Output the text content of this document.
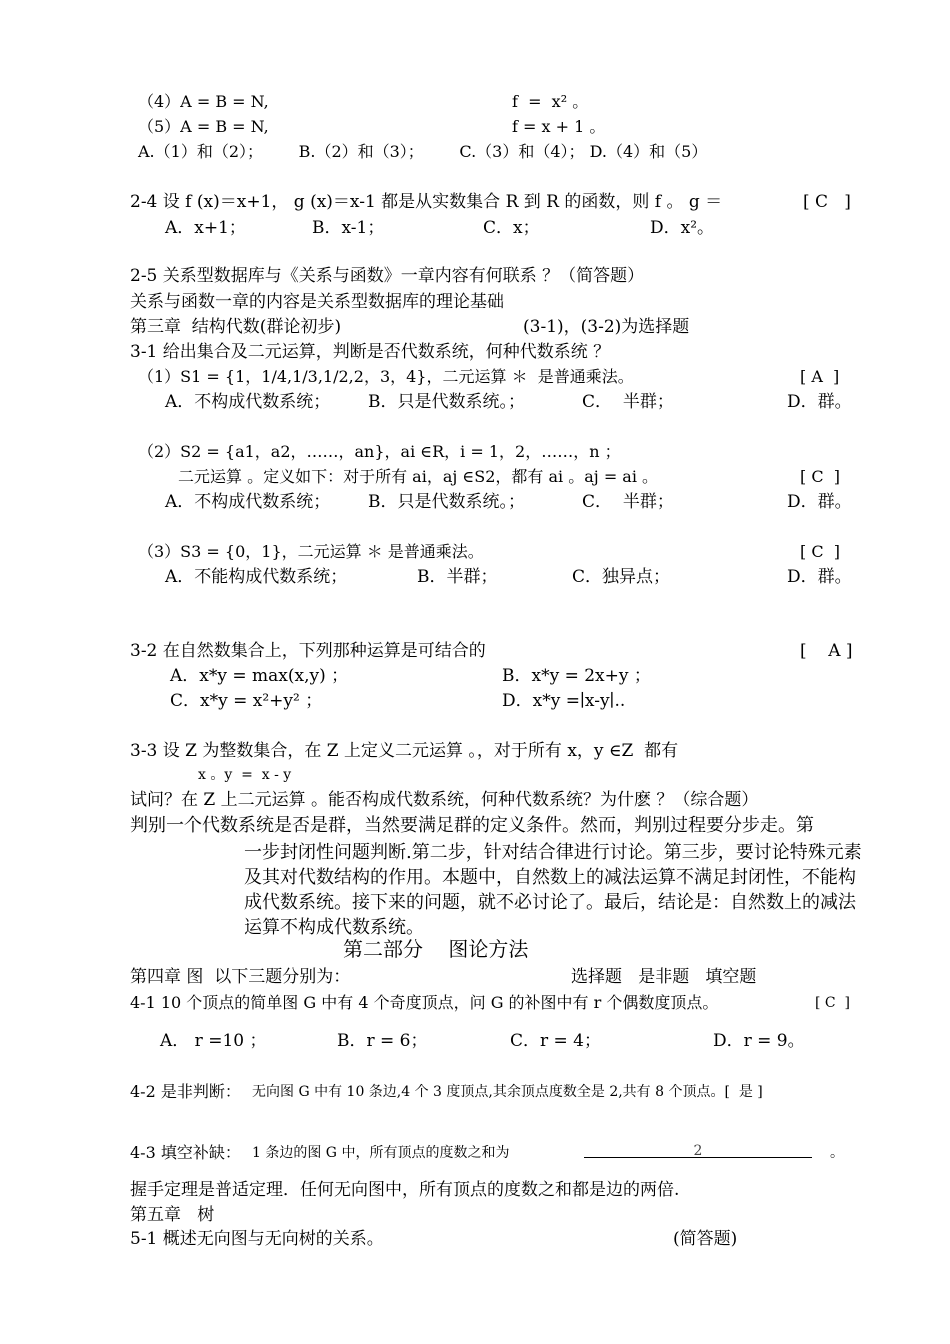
（4）A = B = N,	f  =  x² 。
（5）A = B = N,	f = x + 1 。
A.（1）和（2）；       B.（2）和（3）；       C.（3）和（4）； D.（4）和（5）
2-4 设 f (x)＝x+1， g (x)＝x-1 都是从实数集合 R 到 R 的函数，则 f 。 g ＝	[ C   ]
A．x+1；	B．x-1；	C．x；	D．x²。
2-5 关系型数据库与《关系与函数》一章内容有何联系 ？（简答题）
关系与函数一章的内容是关系型数据库的理论基础
第三章  结构代数(群论初步)	(3-1)，(3-2)为选择题
3-1 给出集合及二元运算，判断是否代数系统，何种代数系统 ？
（1）S1 = {1，1/4,1/3,1/2,2，3，4}，二元运算 ＊  是普通乘法。	[ A  ]
A．不构成代数系统； B．只是代数系统。；	C．  半群；	D．群。
（2）S2 = {a1，a2，……，an}，ai ∈R，i = 1，2，……，n ；
二元运算 。定义如下：对于所有 ai，aj ∈S2，都有 ai 。aj = ai 。	[ C  ]
A．不构成代数系统； B．只是代数系统。；	C．  半群；	D．群。
（3）S3 = {0，1}，二元运算 ＊ 是普通乘法。	[ C  ]
A．不能构成代数系统；	B．半群；	C．独异点；	D．群。
3-2 在自然数集合上，下列那种运算是可结合的	[    A ]
A．x*y = max(x,y) ；	B．x*y = 2x+y ；
C．x*y = x²+y² ；	D．x*y =∣x-y∣..
3-3 设 Z 为整数集合，在 Z 上定义二元运算 。，对于所有 x，y ∈Z  都有
x 。y  =  x - y
试问？在 Z 上二元运算 。能否构成代数系统，何种代数系统？为什麽 ？（综合题）
判别一个代数系统是否是群，当然要满足群的定义条件。然而，判别过程要分步走。第
一步封闭性问题判断.第二步，针对结合律进行讨论。第三步，要讨论特殊元素及其对代数结构的作用。本题中，自然数上的减法运算不满足封闭性，不能构成代数系统。接下来的问题，就不必讨论了。最后，结论是：自然数上的减法运算不构成代数系统。
第二部分    图论方法
第四章 图  以下三题分别为：	选择题   是非题   填空题
4-1 10 个顶点的简单图 G 中有 4 个奇度顶点，问 G 的补图中有 r 个偶数度顶点。	[ C  ]
A． r =10 ；	B．r = 6；	C．r = 4；	D．r = 9。
4-2 是非判断： 无向图 G 中有 10 条边,4 个 3 度顶点,其余顶点度数全是 2,共有 8 个顶点。[  是 ]
4-3 填空补缺： 1 条边的图 G 中，所有顶点的度数之和为	2	。
握手定理是普适定理．任何无向图中，所有顶点的度数之和都是边的两倍.
第五章   树
5-1 概述无向图与无向树的关系。	(简答题)
